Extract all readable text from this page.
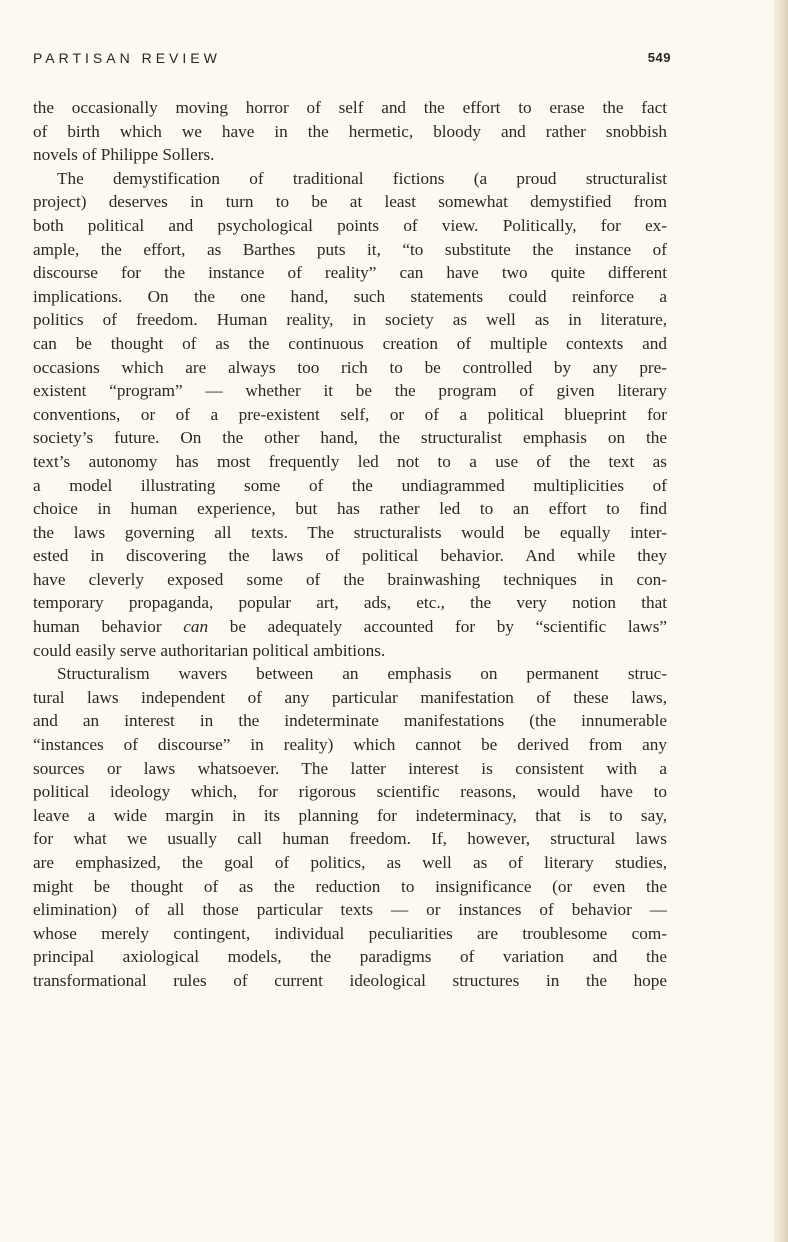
PARTISAN REVIEW	549
the occasionally moving horror of self and the effort to erase the fact
of birth which we have in the hermetic, bloody and rather snobbish
novels of Philippe Sollers.
The demystification of traditional fictions (a proud structuralist
project) deserves in turn to be at least somewhat demystified from
both political and psychological points of view. Politically, for ex-
ample, the effort, as Barthes puts it, “to substitute the instance of
discourse for the instance of reality” can have two quite different
implications. On the one hand, such statements could reinforce a
politics of freedom. Human reality, in society as well as in literature,
can be thought of as the continuous creation of multiple contexts and
occasions which are always too rich to be controlled by any pre-
existent “program” — whether it be the program of given literary
conventions, or of a pre-existent self, or of a political blueprint for
society’s future. On the other hand, the structuralist emphasis on the
text’s autonomy has most frequently led not to a use of the text as
a model illustrating some of the undiagrammed multiplicities of
choice in human experience, but has rather led to an effort to find
the laws governing all texts. The structuralists would be equally inter-
ested in discovering the laws of political behavior. And while they
have cleverly exposed some of the brainwashing techniques in con-
temporary propaganda, popular art, ads, etc., the very notion that
human behavior can be adequately accounted for by “scientific laws”
could easily serve authoritarian political ambitions.
Structuralism wavers between an emphasis on permanent struc-
tural laws independent of any particular manifestation of these laws,
and an interest in the indeterminate manifestations (the innumerable
“instances of discourse” in reality) which cannot be derived from any
sources or laws whatsoever. The latter interest is consistent with a
political ideology which, for rigorous scientific reasons, would have to
leave a wide margin in its planning for indeterminacy, that is to say,
for what we usually call human freedom. If, however, structural laws
are emphasized, the goal of politics, as well as of literary studies,
might be thought of as the reduction to insignificance (or even the
elimination) of all those particular texts — or instances of behavior —
whose merely contingent, individual peculiarities are troublesome com-
principal axiological models, the paradigms of variation and the
transformational rules of current ideological structures in the hope
